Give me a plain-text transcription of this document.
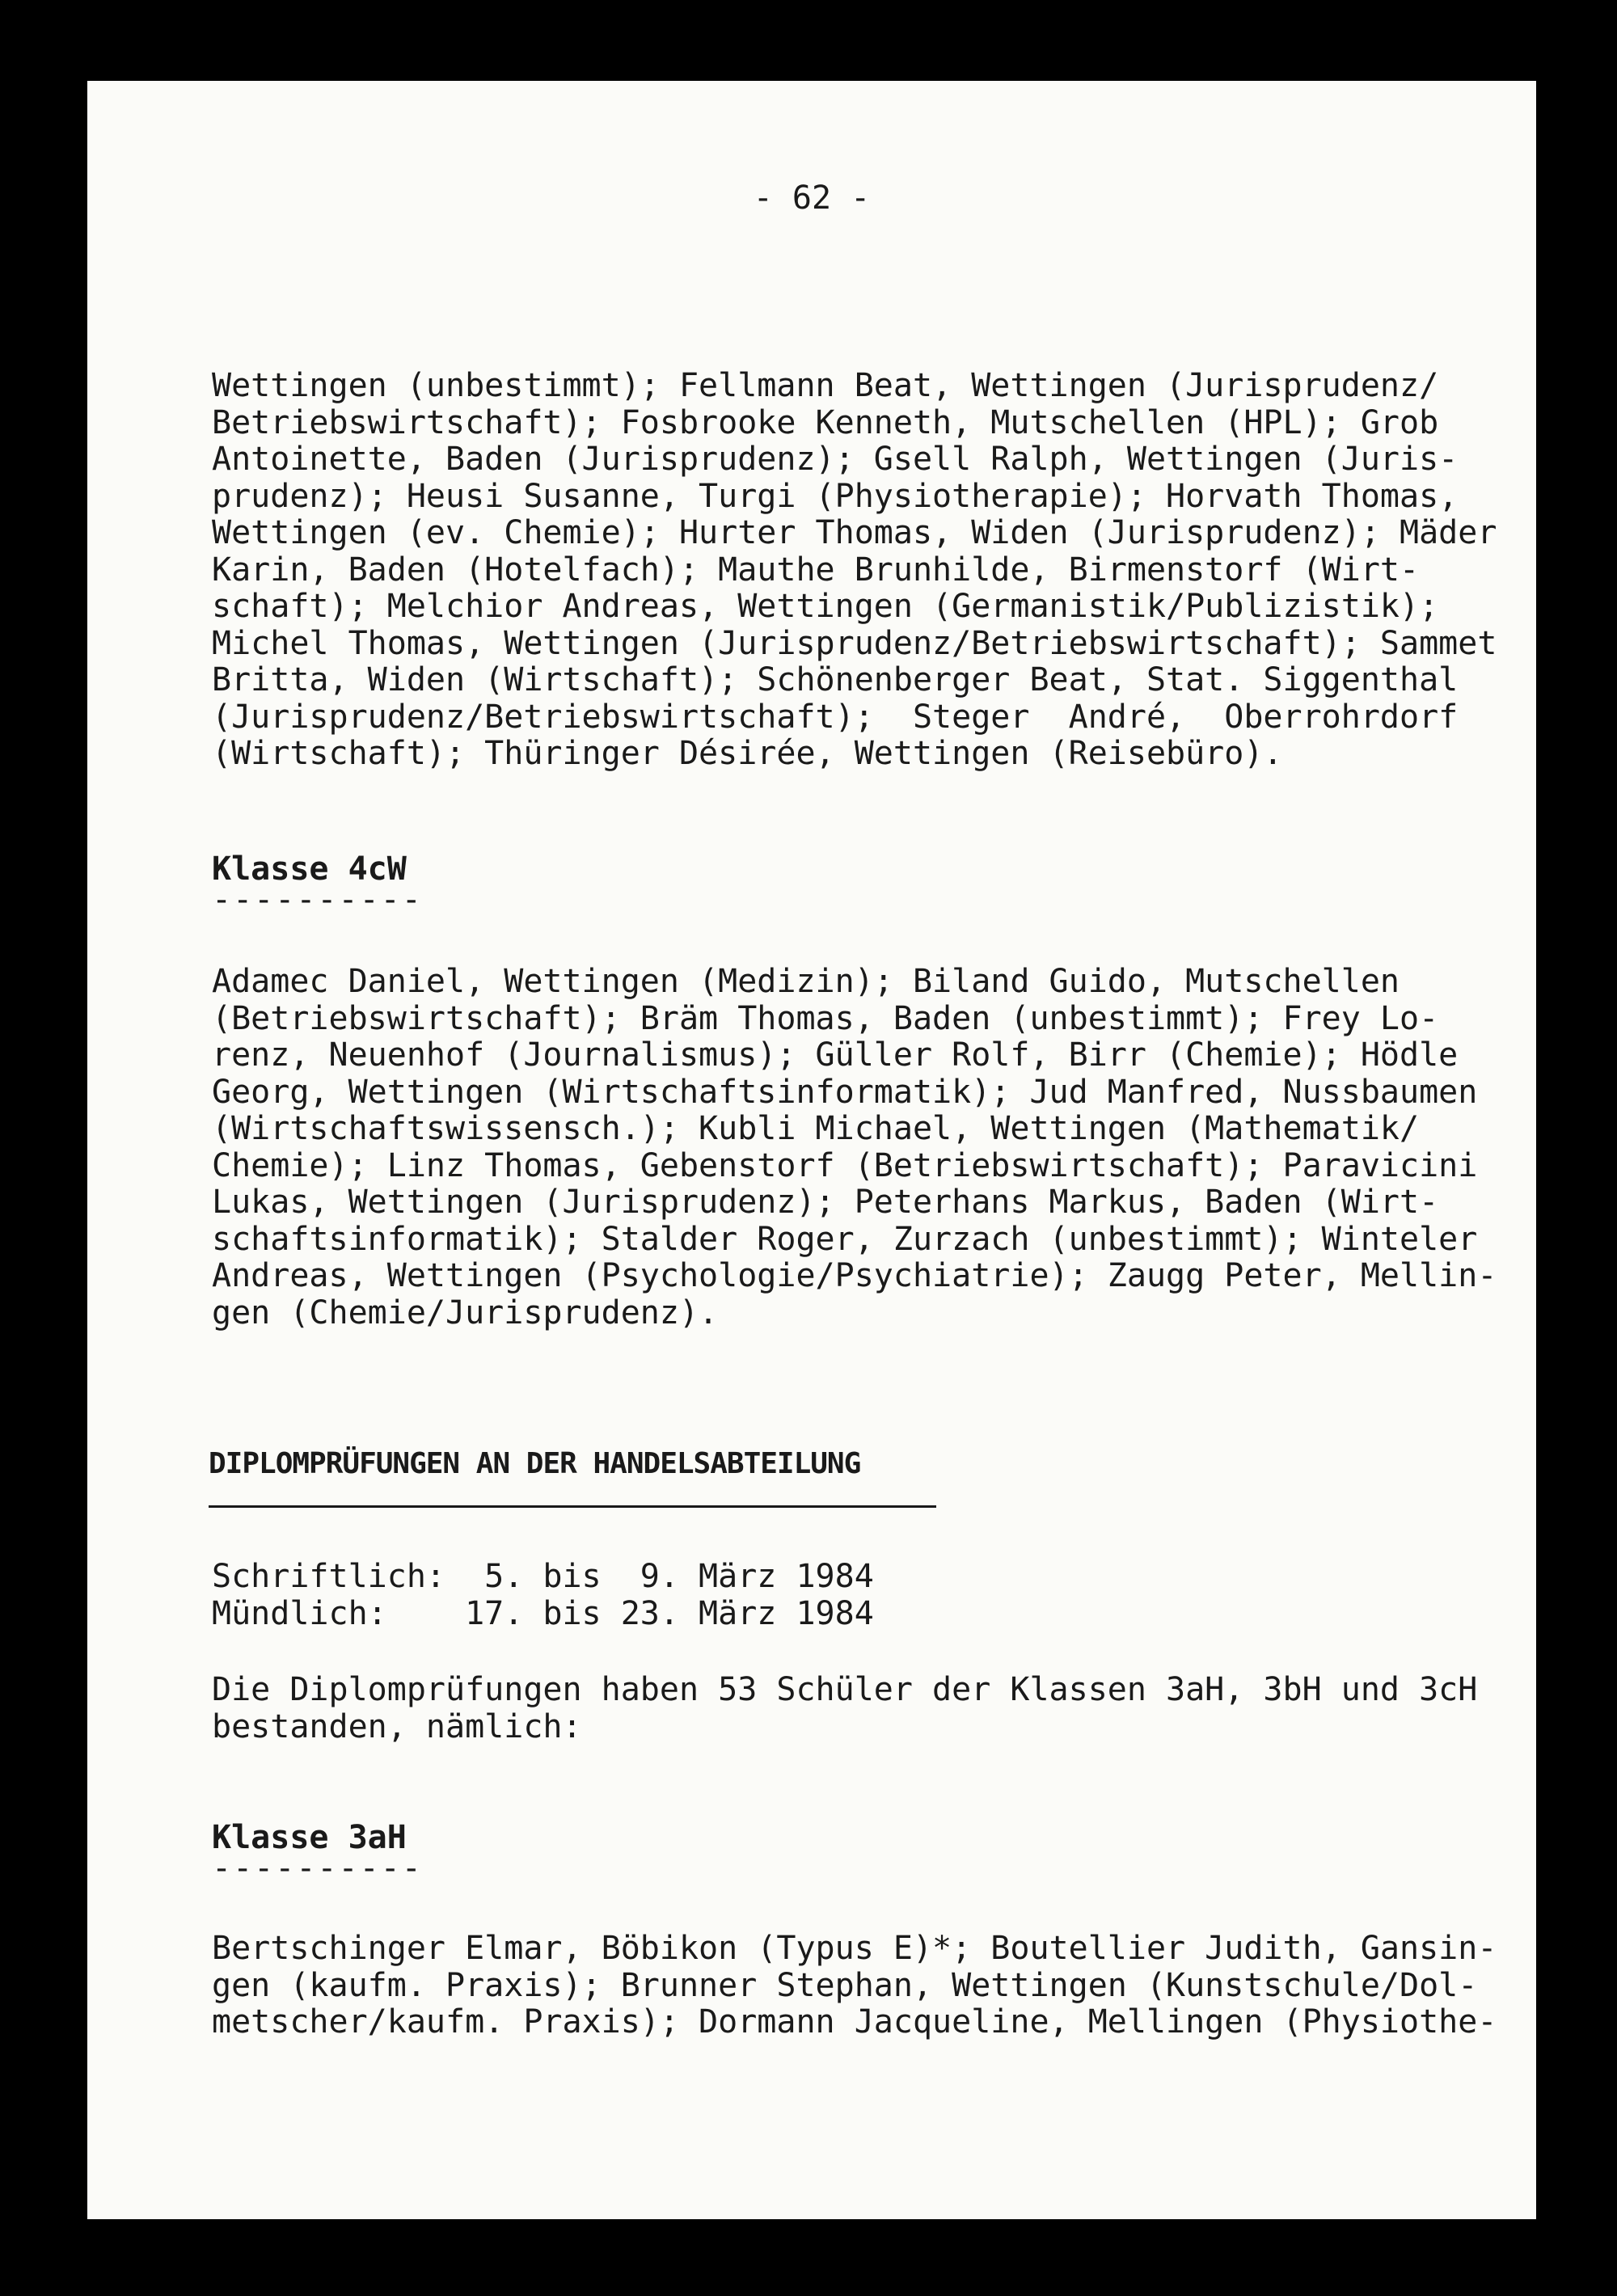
- 62 -
Wettingen (unbestimmt); Fellmann Beat, Wettingen (Jurisprudenz/
Betriebswirtschaft); Fosbrooke Kenneth, Mutschellen (HPL); Grob
Antoinette, Baden (Jurisprudenz); Gsell Ralph, Wettingen (Juris-
prudenz); Heusi Susanne, Turgi (Physiotherapie); Horvath Thomas,
Wettingen (ev. Chemie); Hurter Thomas, Widen (Jurisprudenz); Mäder
Karin, Baden (Hotelfach); Mauthe Brunhilde, Birmenstorf (Wirt-
schaft); Melchior Andreas, Wettingen (Germanistik/Publizistik);
Michel Thomas, Wettingen (Jurisprudenz/Betriebswirtschaft); Sammet
Britta, Widen (Wirtschaft); Schönenberger Beat, Stat. Siggenthal
(Jurisprudenz/Betriebswirtschaft);  Steger  André,  Oberrohrdorf
(Wirtschaft); Thüringer Désirée, Wettingen (Reisebüro).
Klasse 4cW
----------
Adamec Daniel, Wettingen (Medizin); Biland Guido, Mutschellen
(Betriebswirtschaft); Bräm Thomas, Baden (unbestimmt); Frey Lo-
renz, Neuenhof (Journalismus); Güller Rolf, Birr (Chemie); Hödle
Georg, Wettingen (Wirtschaftsinformatik); Jud Manfred, Nussbaumen
(Wirtschaftswissensch.); Kubli Michael, Wettingen (Mathematik/
Chemie); Linz Thomas, Gebenstorf (Betriebswirtschaft); Paravicini
Lukas, Wettingen (Jurisprudenz); Peterhans Markus, Baden (Wirt-
schaftsinformatik); Stalder Roger, Zurzach (unbestimmt); Winteler
Andreas, Wettingen (Psychologie/Psychiatrie); Zaugg Peter, Mellin-
gen (Chemie/Jurisprudenz).
DIPLOMPRÜFUNGEN AN DER HANDELSABTEILUNG
Schriftlich:  5. bis  9. März 1984
Mündlich:    17. bis 23. März 1984
Die Diplomprüfungen haben 53 Schüler der Klassen 3aH, 3bH und 3cH
bestanden, nämlich:
Klasse 3aH
----------
Bertschinger Elmar, Böbikon (Typus E)*; Boutellier Judith, Gansin-
gen (kaufm. Praxis); Brunner Stephan, Wettingen (Kunstschule/Dol-
metscher/kaufm. Praxis); Dormann Jacqueline, Mellingen (Physiothe-
